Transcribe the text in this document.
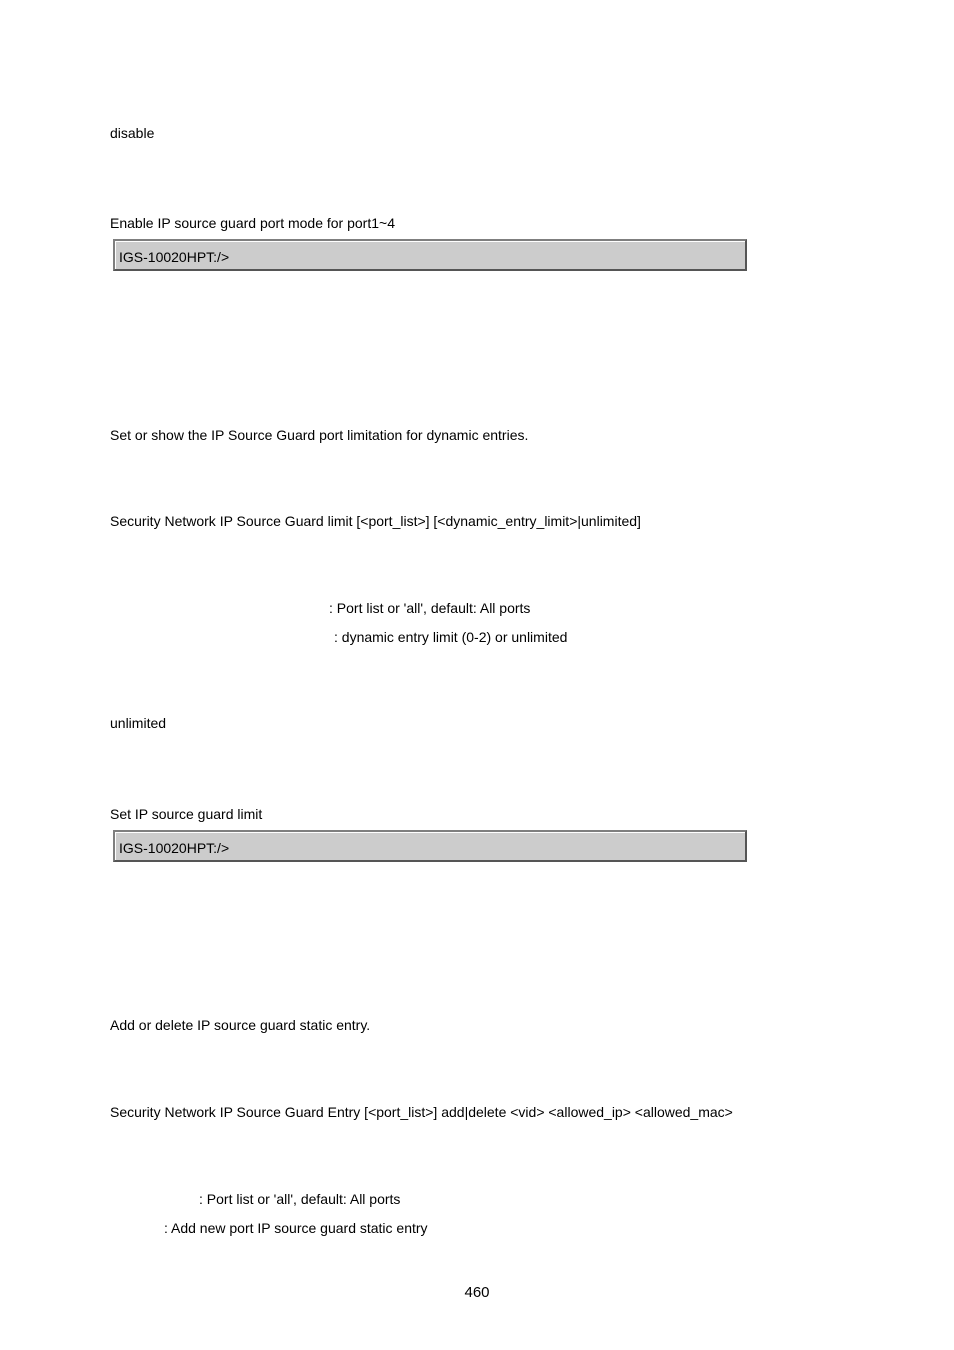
disable
Enable IP source guard port mode for port1~4
IGS-10020HPT:/>
Set or show the IP Source Guard port limitation for dynamic entries.
Security Network IP Source Guard limit [<port_list>] [<dynamic_entry_limit>|unlimited]
: Port list or 'all', default: All ports
: dynamic entry limit (0-2) or unlimited
unlimited
Set IP source guard limit
IGS-10020HPT:/>
Add or delete IP source guard static entry.
Security Network IP Source Guard Entry [<port_list>] add|delete <vid> <allowed_ip> <allowed_mac>
: Port list or 'all', default: All ports
: Add new port IP source guard static entry
460
